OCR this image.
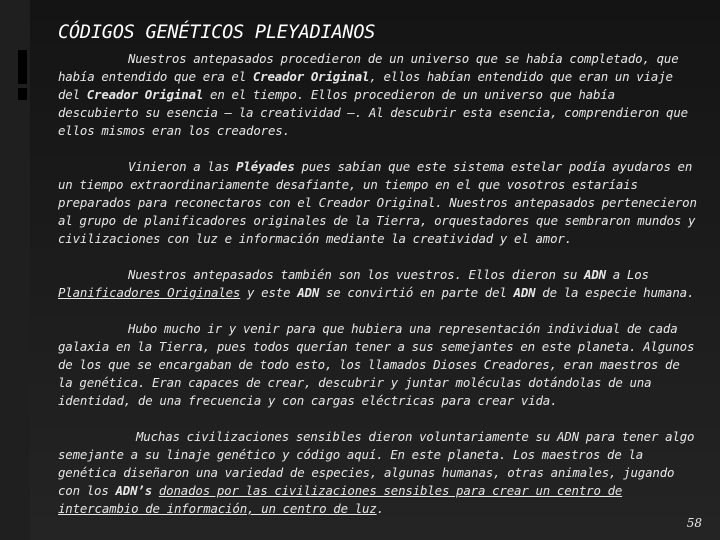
CÓDIGOS GENÉTICOS PLEYADIANOS
Nuestros antepasados procedieron de un universo que se había completado, que había entendido que era el Creador Original, ellos habían entendido que eran un viaje del Creador Original en el tiempo. Ellos procedieron de un universo que había descubierto su esencia – la creatividad –. Al descubrir esta esencia, comprendieron que ellos mismos eran los creadores.
Vinieron a las Pléyades pues sabían que este sistema estelar podía ayudaros en un tiempo extraordinariamente desafiante, un tiempo en el que vosotros estaríais preparados para reconectaros con el Creador Original. Nuestros antepasados pertenecieron al grupo de planificadores originales de la Tierra, orquestadores que sembraron mundos y civilizaciones con luz e información mediante la creatividad y el amor.
Nuestros antepasados también son los vuestros. Ellos dieron su ADN a Los Planificadores Originales y este ADN se convirtió en parte del ADN de la especie humana.
Hubo mucho ir y venir para que hubiera una representación individual de cada galaxia en la Tierra, pues todos querían tener a sus semejantes en este planeta. Algunos de los que se encargaban de todo esto, los llamados Dioses Creadores, eran maestros de la genética. Eran capaces de crear, descubrir y juntar moléculas dotándolas de una identidad, de una frecuencia y con cargas eléctricas para crear vida.
Muchas civilizaciones sensibles dieron voluntariamente su ADN para tener algo semejante a su linaje genético y código aquí. En este planeta. Los maestros de la genética diseñaron una variedad de especies, algunas humanas, otras animales, jugando con los ADN’s donados por las civilizaciones sensibles para crear un centro de intercambio de información, un centro de luz.
58
